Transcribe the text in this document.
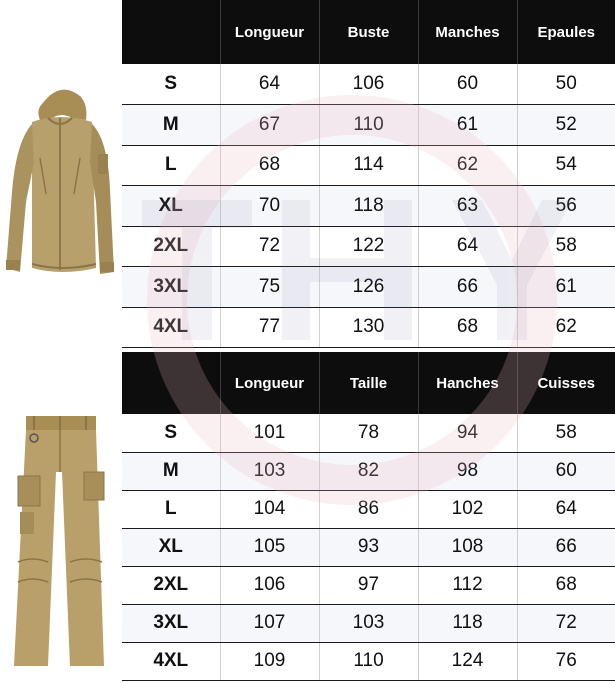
	Longueur	Buste	Manches	Epaules
S	64	106	60	50
M	67	110	61	52
L	68	114	62	54
XL	70	118	63	56
2XL	72	122	64	58
3XL	75	126	66	61
4XL	77	130	68	62
	Longueur	Taille	Hanches	Cuisses
S	101	78	94	58
M	103	82	98	60
L	104	86	102	64
XL	105	93	108	66
2XL	106	97	112	68
3XL	107	103	118	72
4XL	109	110	124	76
